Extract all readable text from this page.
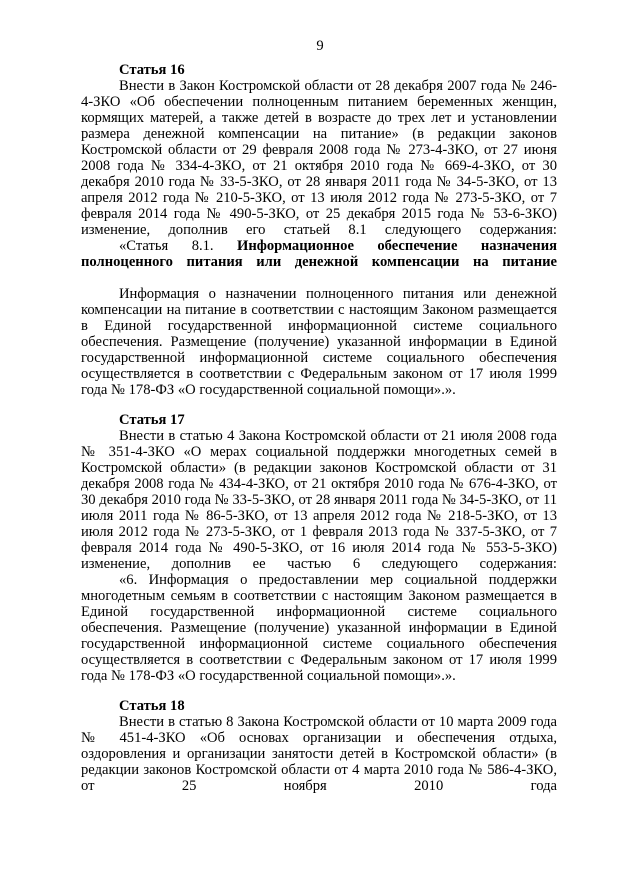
9
Статья 16
Внести в Закон Костромской области от 28 декабря 2007 года № 246-4-ЗКО «Об обеспечении полноценным питанием беременных женщин, кормящих матерей, а также детей в возрасте до трех лет и установлении размера денежной компенсации на питание» (в редакции законов Костромской области от 29 февраля 2008 года № 273-4-ЗКО, от 27 июня 2008 года № 334-4-ЗКО, от 21 октября 2010 года № 669-4-ЗКО, от 30 декабря 2010 года № 33-5-ЗКО, от 28 января 2011 года № 34-5-ЗКО, от 13 апреля 2012 года № 210-5-ЗКО, от 13 июля 2012 года № 273-5-ЗКО, от 7 февраля 2014 года № 490-5-ЗКО, от 25 декабря 2015 года № 53-6-ЗКО) изменение, дополнив его статьей 8.1 следующего содержания:
«Статья 8.1. Информационное обеспечение назначения полноценного питания или денежной компенсации на питание
Информация о назначении полноценного питания или денежной компенсации на питание в соответствии с настоящим Законом размещается в Единой государственной информационной системе социального обеспечения. Размещение (получение) указанной информации в Единой государственной информационной системе социального обеспечения осуществляется в соответствии с Федеральным законом от 17 июля 1999 года № 178-ФЗ «О государственной социальной помощи».».
Статья 17
Внести в статью 4 Закона Костромской области от 21 июля 2008 года № 351-4-ЗКО «О мерах социальной поддержки многодетных семей в Костромской области» (в редакции законов Костромской области от 31 декабря 2008 года № 434-4-ЗКО, от 21 октября 2010 года № 676-4-ЗКО, от 30 декабря 2010 года № 33-5-ЗКО, от 28 января 2011 года № 34-5-ЗКО, от 11 июля 2011 года № 86-5-ЗКО, от 13 апреля 2012 года № 218-5-ЗКО, от 13 июля 2012 года № 273-5-ЗКО, от 1 февраля 2013 года № 337-5-ЗКО, от 7 февраля 2014 года № 490-5-ЗКО, от 16 июля 2014 года № 553-5-ЗКО) изменение, дополнив ее частью 6 следующего содержания:
«6. Информация о предоставлении мер социальной поддержки многодетным семьям в соответствии с настоящим Законом размещается в Единой государственной информационной системе социального обеспечения. Размещение (получение) указанной информации в Единой государственной информационной системе социального обеспечения осуществляется в соответствии с Федеральным законом от 17 июля 1999 года № 178-ФЗ «О государственной социальной помощи».».
Статья 18
Внести в статью 8 Закона Костромской области от 10 марта 2009 года № 451-4-ЗКО «Об основах организации и обеспечения отдыха, оздоровления и организации занятости детей в Костромской области» (в редакции законов Костромской области от 4 марта 2010 года № 586-4-ЗКО, от 25 ноября 2010 года
